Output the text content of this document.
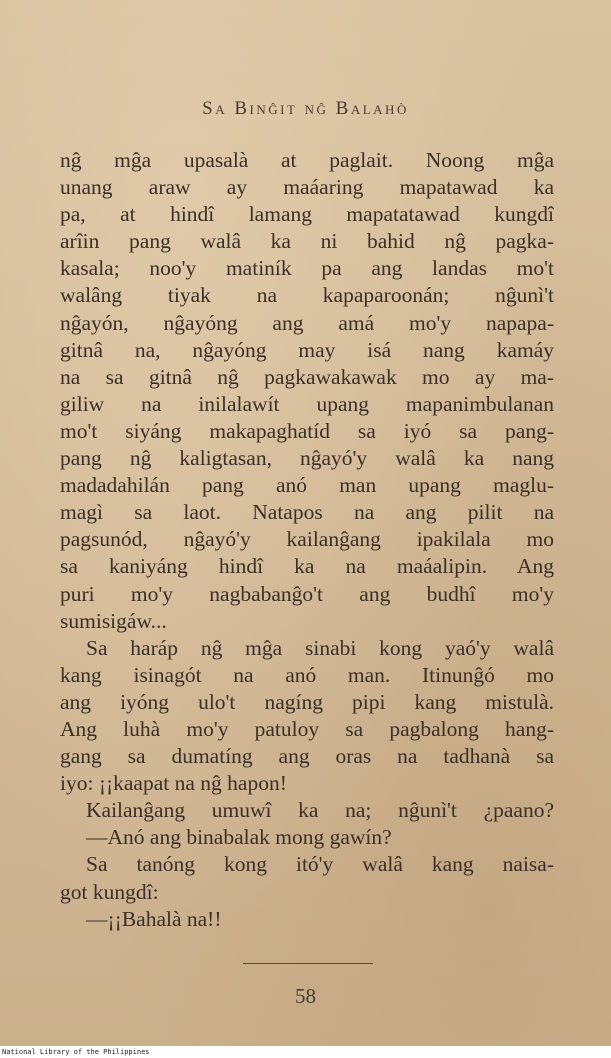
Sa Binĝit nĝ Balahò
nĝ mĝa upasalà at paglait. Noong mĝa
unang araw ay maáaring mapatawad ka
pa, at hindî lamang mapatatawad kungdî
arîin pang walâ ka ni bahid nĝ pagka-
kasala; noo'y matiník pa ang landas mo't
walâng tiyak na kapaparoonán; nĝunì't
nĝayón, nĝayóng ang amá mo'y napapa-
gitnâ na, nĝayóng may isá nang kamáy
na sa gitnâ nĝ pagkawakawak mo ay ma-
giliw na inilalawít upang mapanimbulanan
mo't siyáng makapaghatíd sa iyó sa pang-
pang nĝ kaligtasan, nĝayó'y walâ ka nang
madadahilán pang anó man upang maglu-
magì sa laot. Natapos na ang pilit na
pagsunód, nĝayó'y kailanĝang ipakilala mo
sa kaniyáng hindî ka na maáalipin. Ang
puri mo'y nagbabanĝo't ang budhî mo'y
sumisigáw...
Sa haráp nĝ mĝa sinabi kong yaó'y walâ
kang isinagót na anó man. Itinunĝó mo
ang iyóng ulo't nagíng pipi kang mistulà.
Ang luhà mo'y patuloy sa pagbalong hang-
gang sa dumatíng ang oras na tadhanà sa
iyo: ¡¡kaapat na nĝ hapon!
Kailanĝang umuwî ka na; nĝunì't ¿paano?
—Anó ang binabalak mong gawín?
Sa tanóng kong itó'y walâ kang naisa-
got kungdî:
—¡¡Bahalà na!!
58
National Library of the Philippines
